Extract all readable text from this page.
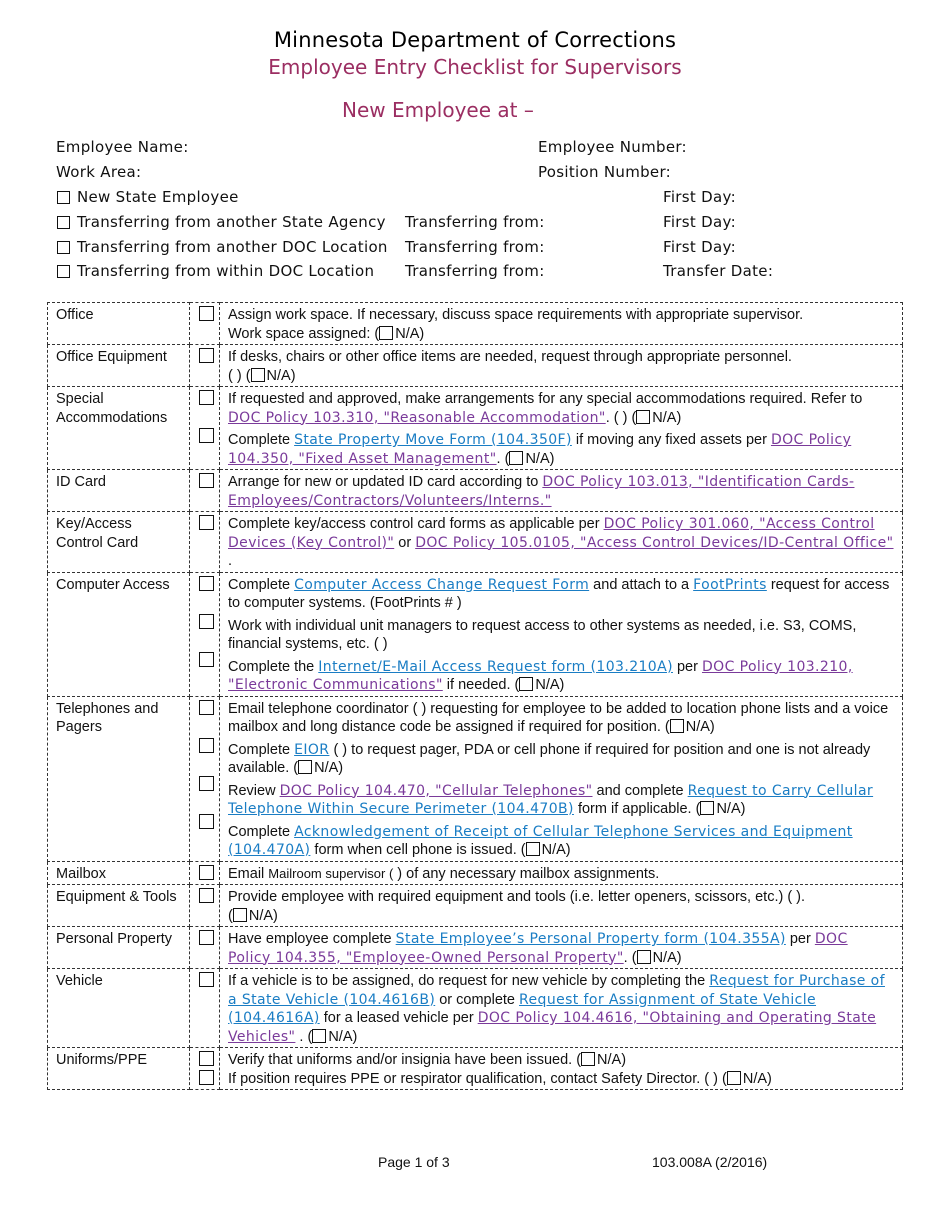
Minnesota Department of Corrections
Employee Entry Checklist for Supervisors
New Employee at –
Employee Name:	Employee Number:
Work Area:	Position Number:
New State Employee	First Day:
Transferring from another State Agency Transferring from:	First Day:
Transferring from another DOC Location Transferring from:	First Day:
Transferring from within DOC Location Transferring from:	Transfer Date:
Office		Assign work space. If necessary, discuss space requirements with appropriate supervisor.
Work space assigned: ( N/A)

Office Equipment		If desks, chairs or other office items are needed, request through appropriate personnel.
( ) ( N/A)

Special Accommodations		If requested and approved, make arrangements for any special accommodations required. Refer to DOC Policy 103.310, "Reasonable Accommodation". ( ) ( N/A)
Complete State Property Move Form (104.350F) if moving any fixed assets per DOC Policy 104.350, "Fixed Asset Management". ( N/A)

ID Card		Arrange for new or updated ID card according to DOC Policy 103.013, "Identification Cards-Employees/Contractors/Volunteers/Interns."
Key/Access Control Card		Complete key/access control card forms as applicable per DOC Policy 301.060, "Access Control Devices (Key Control)" or DOC Policy 105.0105, "Access Control Devices/ID-Central Office" .
Computer Access		Complete Computer Access Change Request Form and attach to a FootPrints request for access to computer systems. (FootPrints # )
Work with individual unit managers to request access to other systems as needed, i.e. S3, COMS, financial systems, etc. ( )
Complete the Internet/E-Mail Access Request form (103.210A) per DOC Policy 103.210, "Electronic Communications" if needed. ( N/A)

Telephones and Pagers		Email telephone coordinator ( ) requesting for employee to be added to location phone lists and a voice mailbox and long distance code be assigned if required for position. ( N/A)
Complete EIOR ( ) to request pager, PDA or cell phone if required for position and one is not already available. ( N/A)
Review DOC Policy 104.470, "Cellular Telephones" and complete Request to Carry Cellular Telephone Within Secure Perimeter (104.470B) form if applicable. ( N/A)
Complete Acknowledgement of Receipt of Cellular Telephone Services and Equipment (104.470A) form when cell phone is issued. ( N/A)

Mailbox		Email Mailroom supervisor ( ) of any necessary mailbox assignments.
Equipment & Tools		Provide employee with required equipment and tools (i.e. letter openers, scissors, etc.) ( ).
( N/A)

Personal Property		Have employee complete State Employee’s Personal Property form (104.355A) per DOC Policy 104.355, "Employee-Owned Personal Property". ( N/A)
Vehicle		If a vehicle is to be assigned, do request for new vehicle by completing the Request for Purchase of a State Vehicle (104.4616B) or complete Request for Assignment of State Vehicle (104.4616A) for a leased vehicle per DOC Policy 104.4616, "Obtaining and Operating State Vehicles" . ( N/A)
Uniforms/PPE		Verify that uniforms and/or insignia have been issued. ( N/A)
If position requires PPE or respirator qualification, contact Safety Director. ( ) ( N/A)
Page 1 of 3	103.008A (2/2016)
